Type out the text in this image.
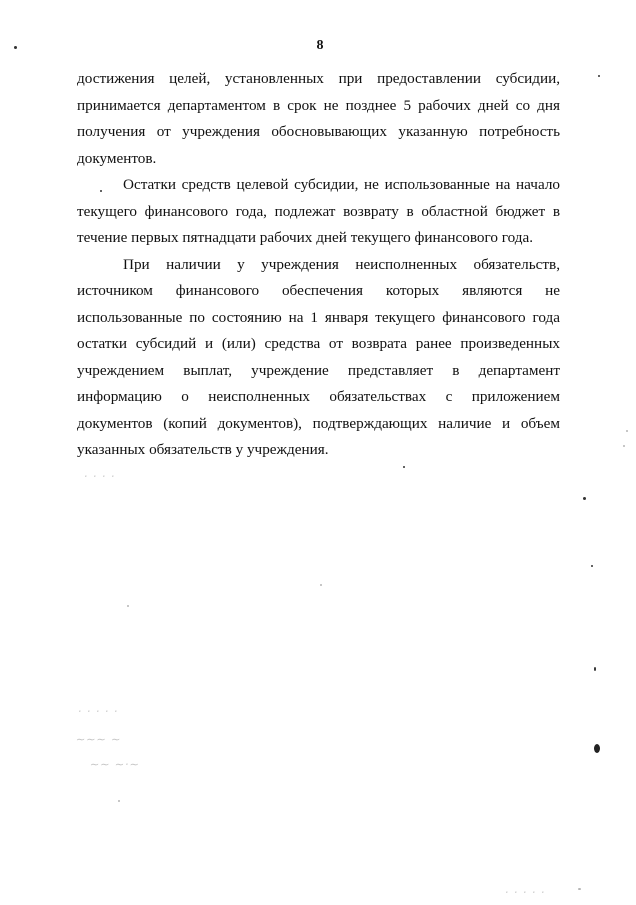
8

достижения целей, установленных при предоставлении субсидии, принимается департаментом в срок не позднее 5 рабочих дней со дня получения от учреждения обосновывающих указанную потребность документов.

Остатки средств целевой субсидии, не использованные на начало текущего финансового года, подлежат возврату в областной бюджет в течение первых пятнадцати рабочих дней текущего финансового года.

При наличии у учреждения неисполненных обязательств, источником финансового обеспечения которых являются не использованные по состоянию на 1 января текущего финансового года остатки субсидий и (или) средства от возврата ранее произведенных учреждением выплат, учреждение представляет в департамент информацию о неисполненных обязательствах с приложением документов (копий документов), подтверждающих наличие и объем указанных обязательств у учреждения.

· · · ·
· · · · ·
~~~ ~
~~ ~·~
· · · · ·
